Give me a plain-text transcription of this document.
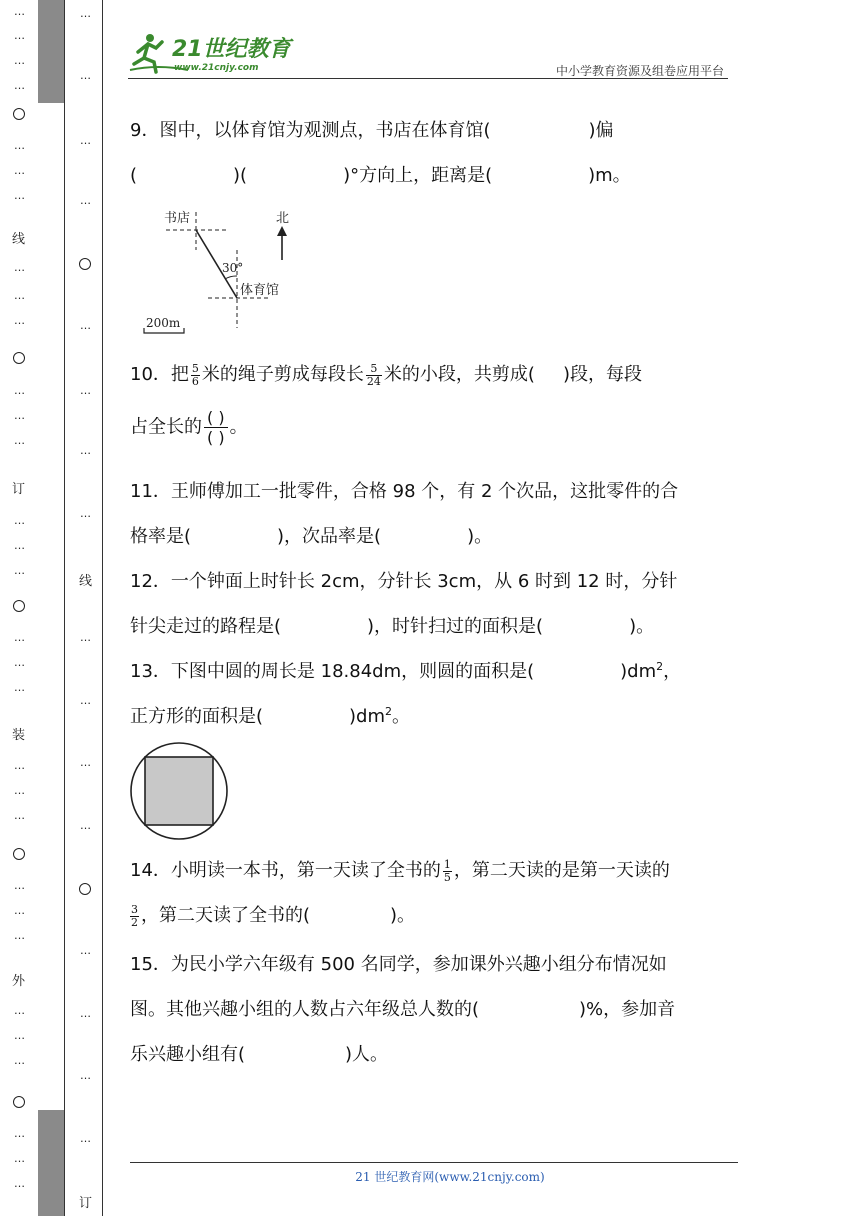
…
…
…
…
…
…
…
线
…
…
…
…
…
…
订
…
…
…
…
…
…
装
…
…
…
…
…
…
外
…
…
…
…
…
…
…
…
…
…
…
…
…
…
线
…
…
…
…
…
…
…
…
订
21世纪教育
www.21cnjy.com	中小学教育资源及组卷应用平台
9．图中，以体育馆为观测点，书店在体育馆(	)偏
(	)(	)°方向上，距离是(	)m。
书店
30°
体育馆
北
200m
10．把 $\frac{5}{6}$ 米的绳子剪成每段长 $\frac{5}{24}$ 米的小段，共剪成( )段，每段
占全长的 ( )
( ) 。
11．王师傅加工一批零件，合格 98 个，有 2 个次品，这批零件的合
格率是(	)，次品率是(	)。
12．一个钟面上时针长 2cm，分针长 3cm，从 6 时到 12 时，分针
针尖走过的路程是(	)，时针扫过的面积是(	)。
13．下图中圆的周长是 18.84dm，则圆的面积是(	)$dm^2$，
正方形的面积是(	)$dm^2$。
14．小明读一本书，第一天读了全书的 $\frac{1}{5}$ ，第二天读的是第一天读的
$\frac{3}{2}$ ，第二天读了全书的(	)。
15．为民小学六年级有 500 名同学，参加课外兴趣小组分布情况如
图。其他兴趣小组的人数占六年级总人数的(	)%，参加音
乐兴趣小组有(	)人。
21 世纪教育网(www.21cnjy.com)
